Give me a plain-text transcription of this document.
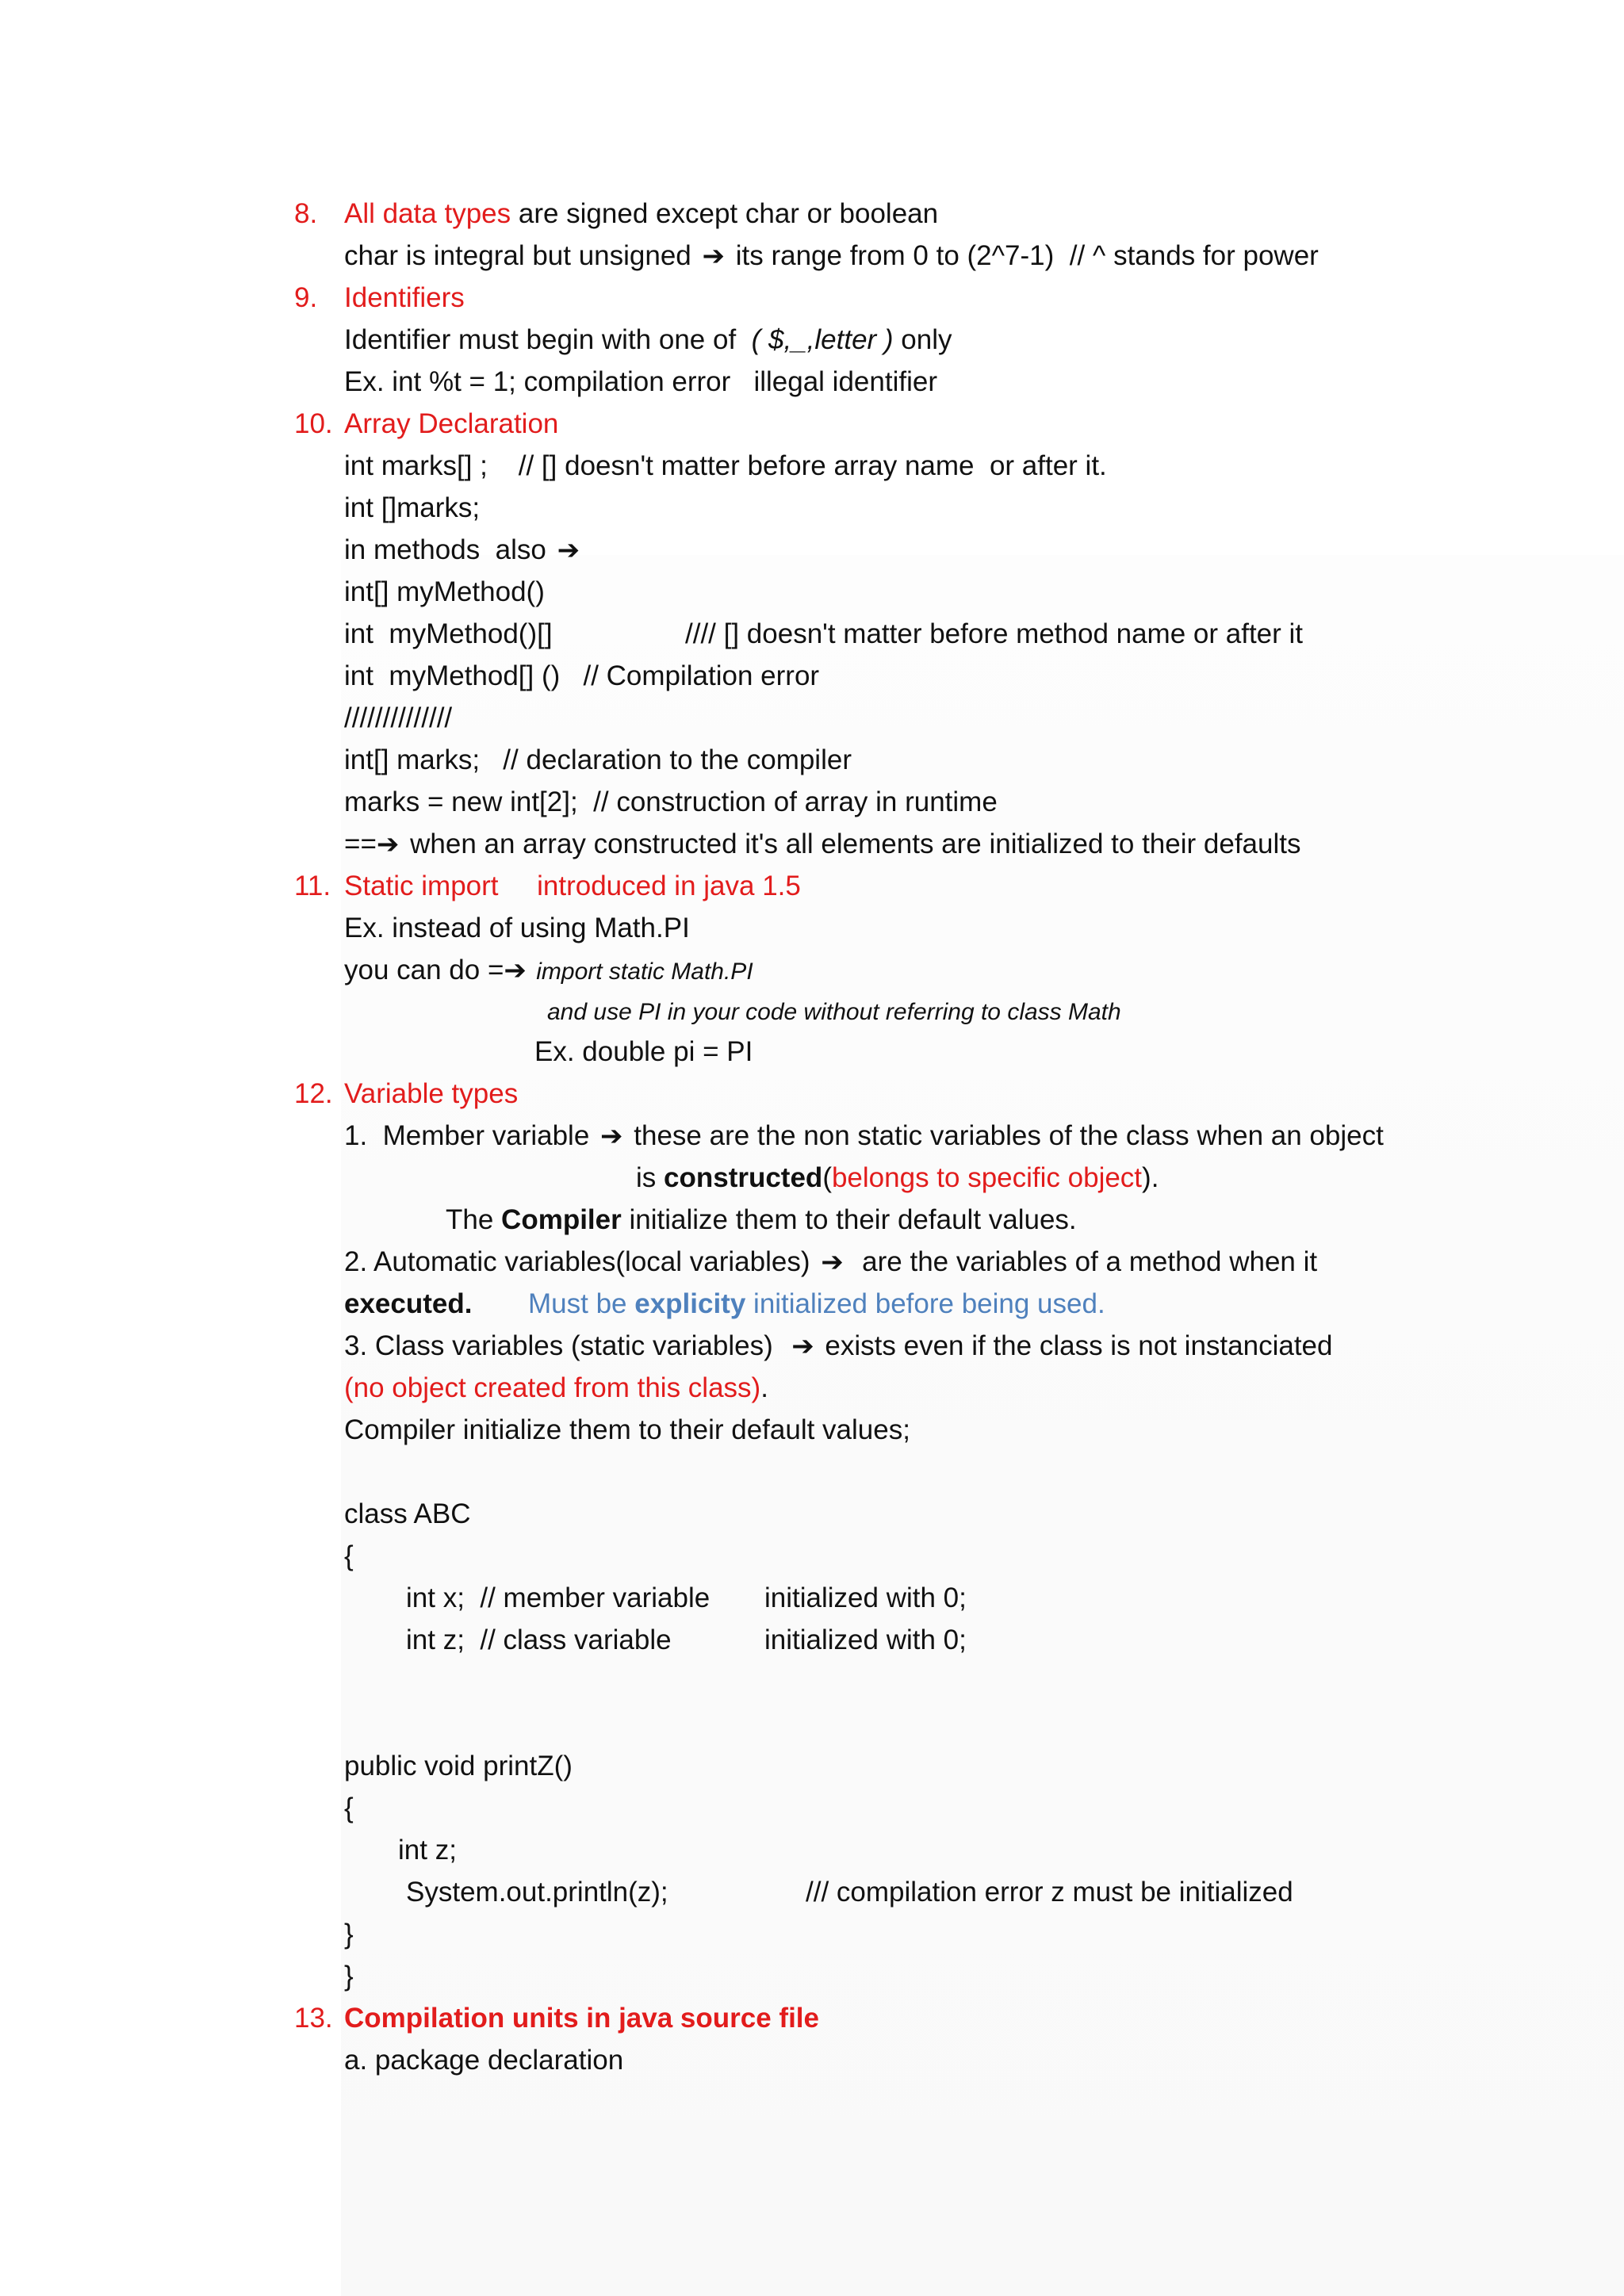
8. All data types are signed except char or boolean
char is integral but unsigned ➔ its range from 0 to (2^7-1)  // ^ stands for power
9. Identifiers
Identifier must begin with one of  ( $,_,letter ) only
Ex. int %t = 1; compilation error   illegal identifier
10. Array Declaration
int marks[] ;    // [] doesn't matter before array name  or after it.
int []marks;
in methods  also ➔
int[] myMethod()
int  myMethod()[]	//// [] doesn't matter before method name or after it
int  myMethod[] ()   // Compilation error
//////////////
int[] marks;   // declaration to the compiler
marks = new int[2];  // construction of array in runtime
==➔ when an array constructed it's all elements are initialized to their defaults
11. Static import     introduced in java 1.5
Ex. instead of using Math.PI
you can do =➔ import static Math.PI
and use PI in your code without referring to class Math
Ex. double pi = PI
12. Variable types
1.  Member variable ➔ these are the non static variables of the class when an object
is constructed(belongs to specific object).
The Compiler initialize them to their default values.
2. Automatic variables(local variables) ➔  are the variables of a method when it
executed. Must be explicity initialized before being used.
3. Class variables (static variables)  ➔ exists even if the class is not instanciated
(no object created from this class).
Compiler initialize them to their default values;
class ABC
{
int x;  // member variable initialized with 0;
int z;  // class variable	initialized with 0;
public void printZ()
{
int z;
System.out.println(z);	/// compilation error z must be initialized
}
}
13. Compilation units in java source file
a. package declaration
